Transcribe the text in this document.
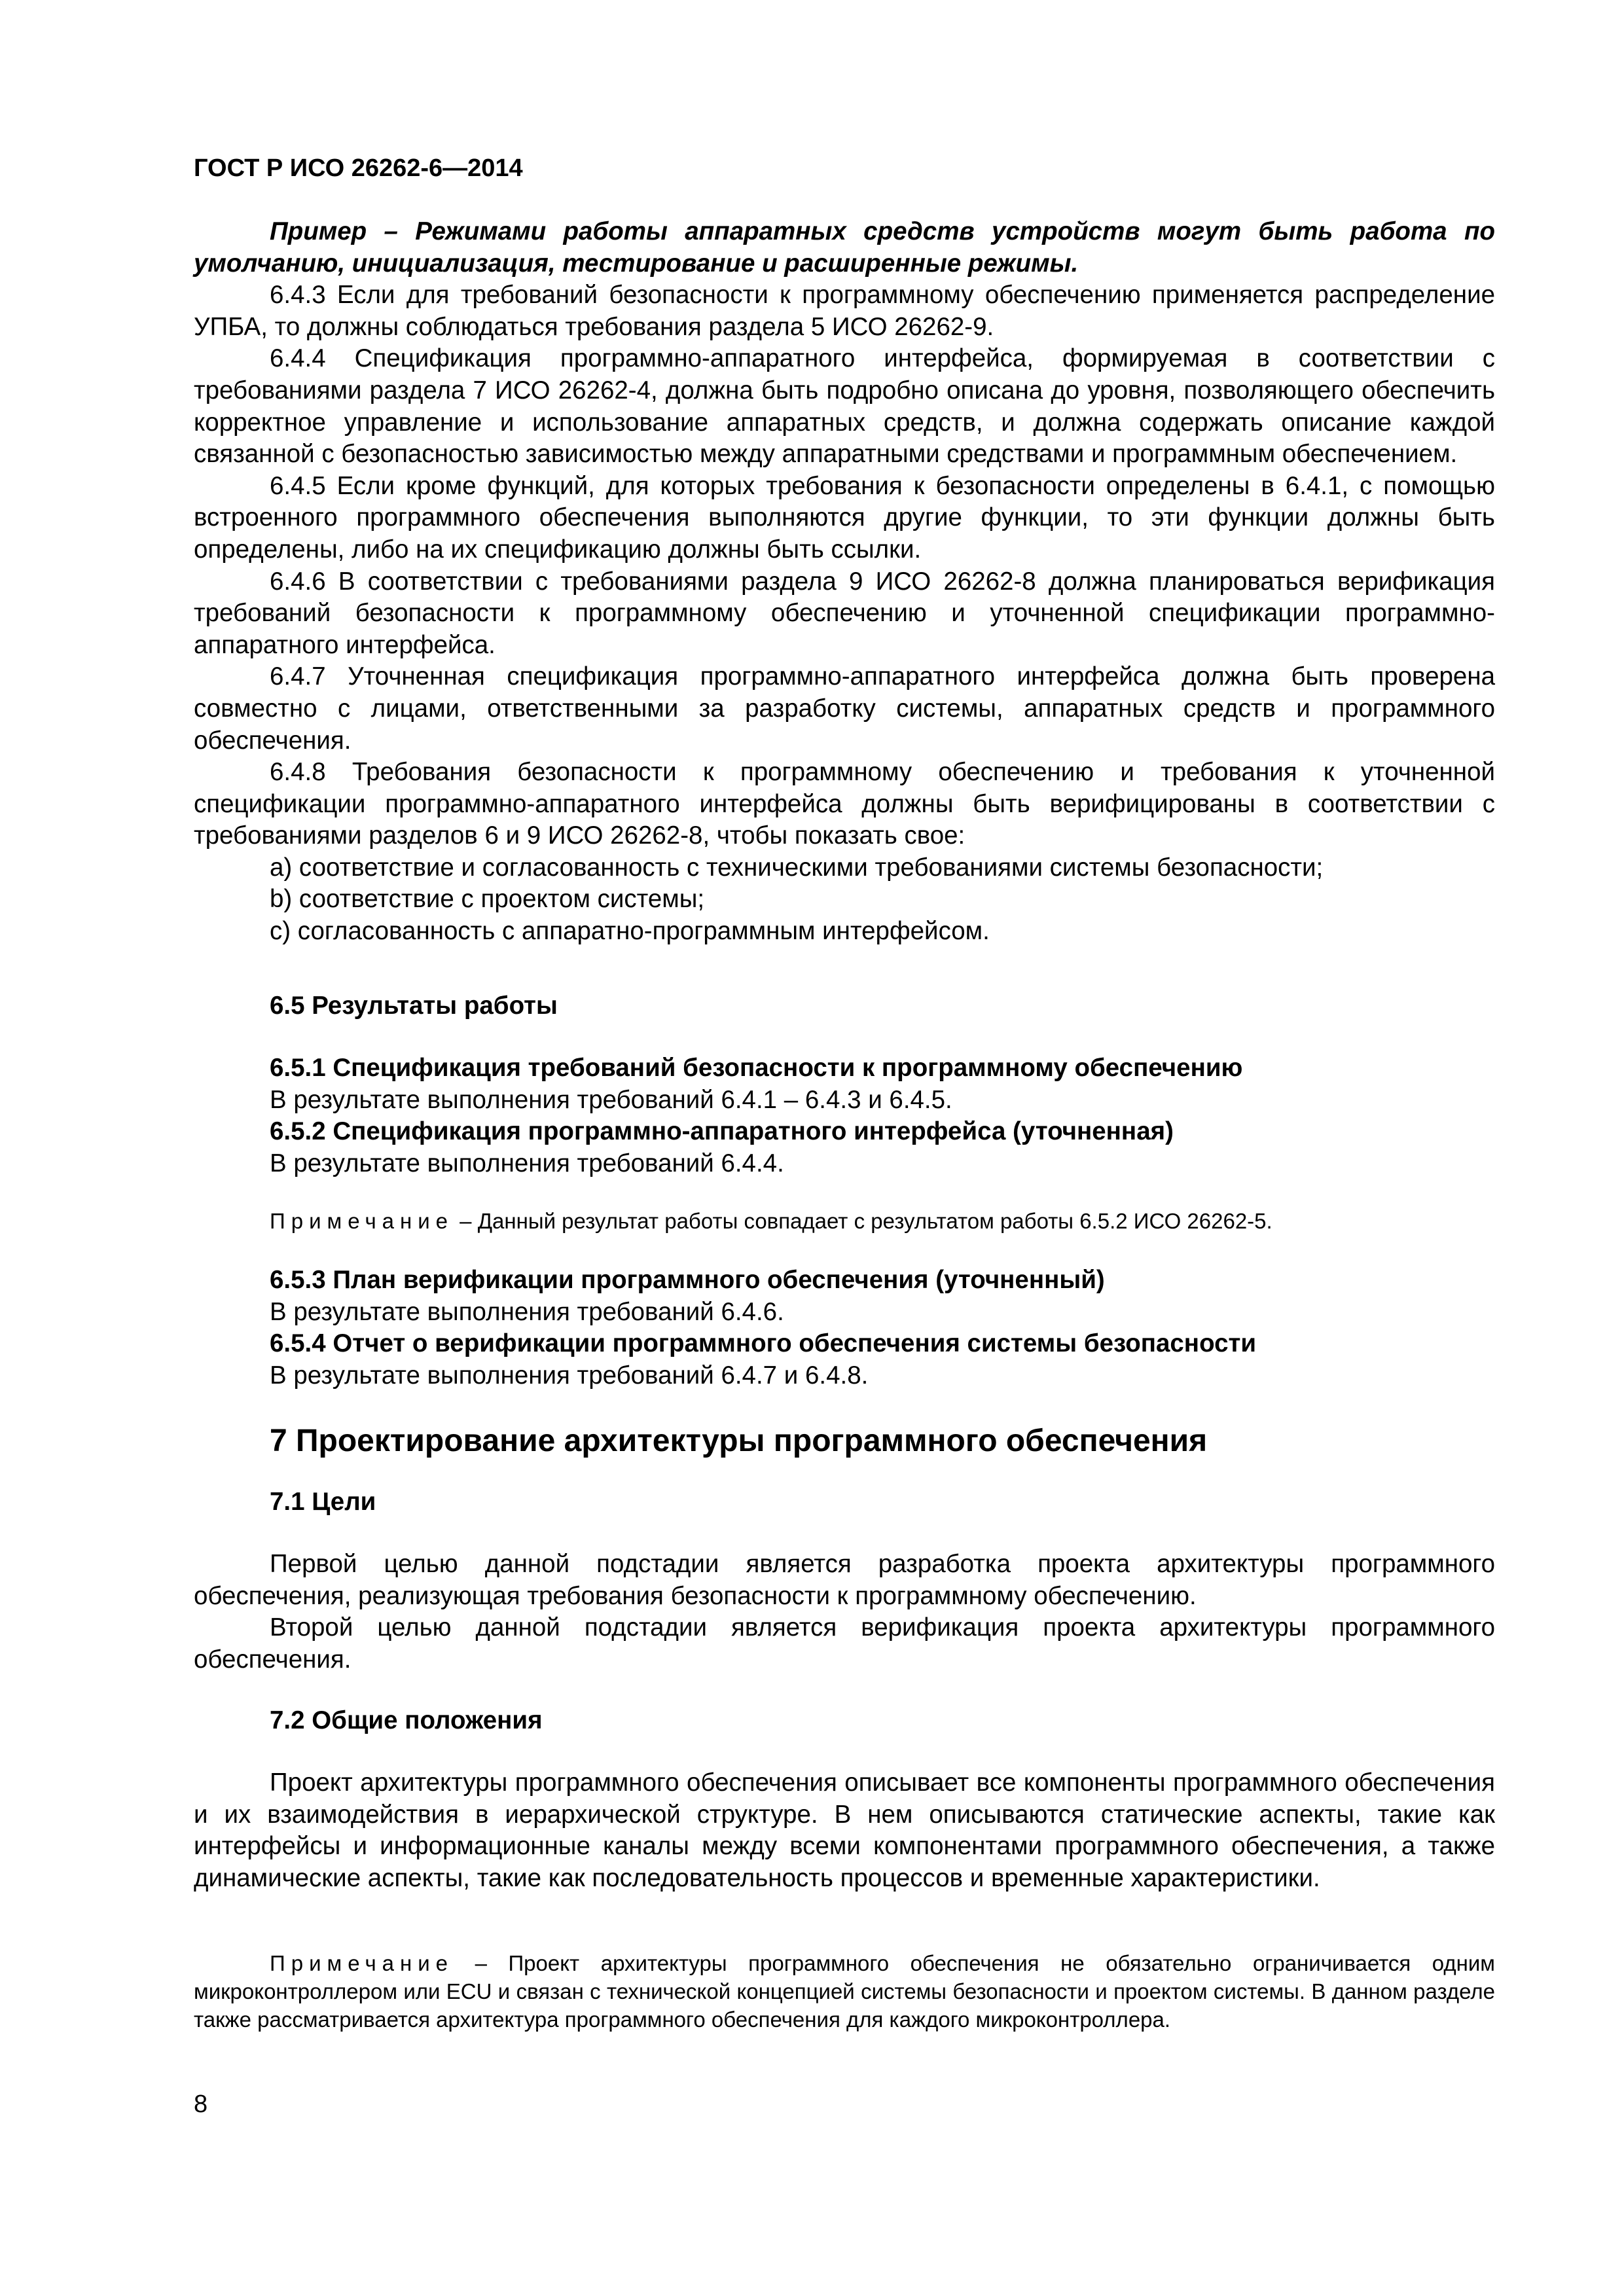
ГОСТ Р ИСО 26262-6—2014

Пример – Режимами работы аппаратных средств устройств могут быть работа по умолчанию, инициализация, тестирование и расширенные режимы.

6.4.3 Если для требований безопасности к программному обеспечению применяется распределение УПБА, то должны соблюдаться требования раздела 5 ИСО 26262-9.

6.4.4 Спецификация программно-аппаратного интерфейса, формируемая в соответствии с требованиями раздела 7 ИСО 26262-4, должна быть подробно описана до уровня, позволяющего обеспечить корректное управление и использование аппаратных средств, и должна содержать описание каждой связанной с безопасностью зависимостью между аппаратными средствами и программным обеспечением.

6.4.5 Если кроме функций, для которых требования к безопасности определены в 6.4.1, с помощью встроенного программного обеспечения выполняются другие функции, то эти функции должны быть определены, либо на их спецификацию должны быть ссылки.

6.4.6 В соответствии с требованиями раздела 9 ИСО 26262-8 должна планироваться верификация требований безопасности к программному обеспечению и уточненной спецификации программно-аппаратного интерфейса.

6.4.7 Уточненная спецификация программно-аппаратного интерфейса должна быть проверена совместно с лицами, ответственными за разработку системы, аппаратных средств и программного обеспечения.

6.4.8 Требования безопасности к программному обеспечению и требования к уточненной спецификации программно-аппаратного интерфейса должны быть верифицированы в соответствии с требованиями разделов 6 и 9 ИСО 26262-8, чтобы показать свое:

a) соответствие и согласованность с техническими требованиями системы безопасности;

b) соответствие с проектом системы;

c) согласованность с аппаратно-программным интерфейсом.

6.5 Результаты работы

6.5.1 Спецификация требований безопасности к программному обеспечению

В результате выполнения требований 6.4.1 – 6.4.3 и 6.4.5.

6.5.2 Спецификация программно-аппаратного интерфейса (уточненная)

В результате выполнения требований 6.4.4.

Примечание – Данный результат работы совпадает с результатом работы 6.5.2 ИСО 26262-5.

6.5.3 План верификации программного обеспечения (уточненный)

В результате выполнения требований 6.4.6.

6.5.4 Отчет о верификации программного обеспечения системы безопасности

В результате выполнения требований 6.4.7 и 6.4.8.

7 Проектирование архитектуры программного обеспечения
7.1 Цели

Первой целью данной подстадии является разработка проекта архитектуры программного обеспечения, реализующая требования безопасности к программному обеспечению.

Второй целью данной подстадии является верификация проекта архитектуры программного обеспечения.

7.2 Общие положения

Проект архитектуры программного обеспечения описывает все компоненты программного обеспечения и их взаимодействия в иерархической структуре. В нем описываются статические аспекты, такие как интерфейсы и информационные каналы между всеми компонентами программного обеспечения, а также динамические аспекты, такие как последовательность процессов и временные характеристики.

Примечание – Проект архитектуры программного обеспечения не обязательно ограничивается одним микроконтроллером или ECU и связан с технической концепцией системы безопасности и проектом системы. В данном разделе также рассматривается архитектура программного обеспечения для каждого микроконтроллера.

8
